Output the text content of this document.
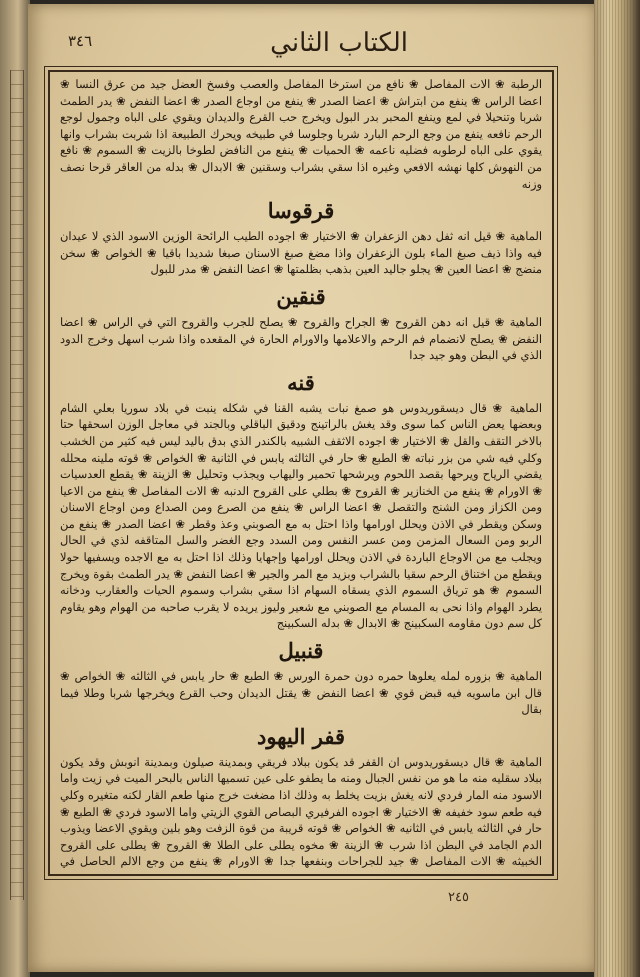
الكتاب الثاني
٣٤٦

الرطبة ❀ الات المفاصل ❀ نافع من استرخا المفاصل والعصب وفسخ العضل جيد من عرق النسا ❀ اعضا الراس ❀ ينفع من ابتراش ❀ اعضا الصدر ❀ ينفع من اوجاع الصدر ❀ اعضا النفض ❀ يدر الطمث شربا وتنحيلا في لمع وينفع المحبر بدر البول ويخرج حب القرع والديدان ويقوي على الباه وجمول لوجع الرحم نافعه ينفع من وجع الرحم البارد شربا وجلوسا في طبيخه ويحرك الطبيعة اذا شربت بشراب وانها يقوي على الباه لرطوبه فضليه ناعمه ❀ الحميات ❀ ينفع من النافض لطوخا بالزيت ❀ السموم ❀ نافع من النهوش كلها نهشه الافعي وغيره اذا سقي بشراب وسقنين ❀ الابدال ❀ بدله من العاقر قرحا نصف وزنه

قرقوسا

الماهية ❀ قيل انه ثفل دهن الزعفران ❀ الاختيار ❀ اجوده الطيب الرائحة الوزين الاسود الذي لا عيدان فيه واذا ذيف صبغ الماء بلون الزعفران واذا مضغ صبغ الاسنان صبغا شديدا باقيا ❀ الخواص ❀ سخن منضج ❀ اعضا العين ❀ يجلو جاليد العين بذهب بظلمتها ❀ اعضا النفض ❀ مدر للبول

قنقين

الماهية ❀ قيل انه دهن القروح ❀ الجراح والقروح ❀ يصلح للجرب والقروح التي في الراس ❀ اعضا النفض ❀ يصلح لانضمام فم الرحم والاعلامها والاورام الحارة في المقعده واذا شرب اسهل وخرج الدود الذي في البطن وهو جيد جدا

قنه

الماهية ❀ قال ديسقوريدوس هو صمغ نبات يشبه القنا في شكله ينبت في بلاد سوريا بعلي الشام وبعضها يعض الناس كما سوى وقد يغش بالراتينج ودقيق الباقلي وبالجند في معاجل الوزن اسحقها حتا بالاخر التقف والقل ❀ الاختيار ❀ اجوده الاثقف الشبيه بالكندر الذي بدق باليد ليس فيه كثير من الخشب وكلي فيه شي من بزر نباته ❀ الطبع ❀ حار في الثالثه يابس في الثانية ❀ الخواص ❀ قوته ملينه محلله يقضي الرياح ويرحها بقصد اللحوم ويرشحها تحمير واليهاب ويجذب وتحليل ❀ الزينة ❀ يقطع العدسيات ❀ الاورام ❀ ينفع من الخنازير ❀ القروح ❀ بطلي على القروح الدنبه ❀ الات المفاصل ❀ ينفع من الاعيا ومن الكزاز ومن الشنج والتقصل ❀ اعضا الراس ❀ ينفع من الصرع ومن الصداع ومن اوجاع الاسنان وسكن ويقطر في الاذن ويحلل اورامها واذا احتل به مع الصوبني وعذ وقطر ❀ اعضا الصدر ❀ ينفع من الربو ومن السعال المزمن ومن عسر النفس ومن السدد وجع الغضر والسل المتاقفه لذي في الحال ويجلب مع من الاوجاع الباردة في الاذن ويحلل اورامها وإجهايا وذلك اذا احتل به مع الاجده ويسفيها حولا ويقطع من اختناق الرحم سقيا بالشراب وبزيد مع المر والجير ❀ اعضا النفض ❀ يدر الطمث بقوة ويخرج السموم ❀ هو ترياق السموم الذي يسقاه السهام اذا سقي بشراب وسموم الحيات والعقارب ودخانه يطرد الهوام واذا نحى به المسام مع الصوبني مع شعير وليوز يريده لا يقرب صاحبه من الهوام وهو يقاوم كل سم دون مقاومه السكبينج ❀ الابدال ❀ بدله السكبينج

قنبيل

الماهية ❀ بزوره لمله يعلوها حمره دون حمرة الورس ❀ الطبع ❀ حار يابس في الثالثه ❀ الخواص ❀ قال ابن ماسويه فيه قبض قوي ❀ اعضا النفض ❀ يقتل الديدان وحب القرع ويخرجها شربا وطلا فيما بقال

قفر اليهود

الماهية ❀ قال ديسقوريدوس ان القفر قد يكون ببلاد فريقي وبمدينة صيلون وبمدينة انوبش وقد يكون ببلاد سقليه منه ما هو من نفس الجبال ومنه ما يطفو على عين تسميها الناس بالبحر الميت في زيت واما الاسود منه المار فردي لانه يغش بزيت يخلط به وذلك اذا مضغت خرج منها طعم القار لكنه متغيره وكلي فيه طعم سود خفيفه ❀ الاختيار ❀ اجوده الفرفيري البصاص القوي الزيتي واما الاسود فردي ❀ الطبع ❀ حار في الثالثه يابس في الثانيه ❀ الخواص ❀ قوته قريبة من قوة الزفت وهو بلين ويقوي الاعضا ويذوب الدم الجامد في البطن اذا شرب ❀ الزينة ❀ مخوه يطلى على الطلا ❀ القروح ❀ يطلى على القروح الخبيثه ❀ الات المفاصل ❀ جيد للجراحات وبنفعها جدا ❀ الاورام ❀ ينفع من وجع الالم الحاصل في

٢٤٥
